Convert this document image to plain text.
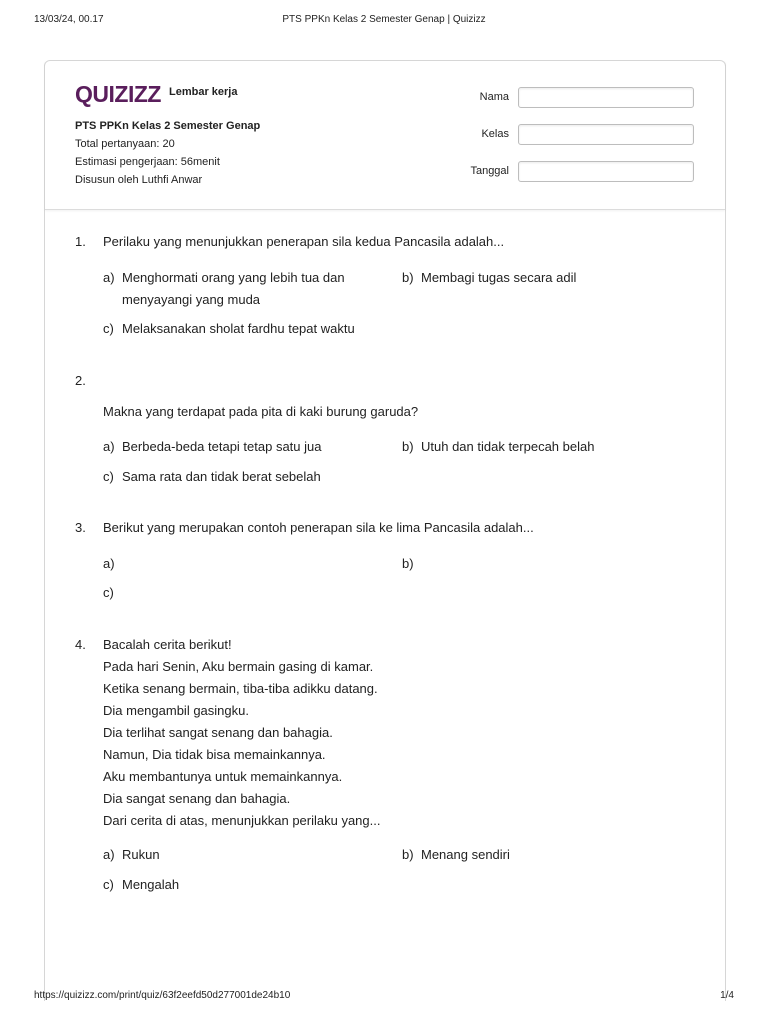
13/03/24, 00.17	PTS PPKn Kelas 2 Semester Genap | Quizizz
QUIZIZZ Lembar kerja
PTS PPKn Kelas 2 Semester Genap
Total pertanyaan: 20
Estimasi pengerjaan: 56menit
Disusun oleh Luthfi Anwar
Nama
Kelas
Tanggal
1. Perilaku yang menunjukkan penerapan sila kedua Pancasila adalah...
a) Menghormati orang yang lebih tua dan
menyayangi yang muda
b) Membagi tugas secara adil
c) Melaksanakan sholat fardhu tepat waktu
2.
Makna yang terdapat pada pita di kaki burung garuda?
a) Berbeda-beda tetapi tetap satu jua	b) Utuh dan tidak terpecah belah
c) Sama rata dan tidak berat sebelah
3. Berikut yang merupakan contoh penerapan sila ke lima Pancasila adalah...
a)	b)
c)
4. Bacalah cerita berikut!
Pada hari Senin, Aku bermain gasing di kamar.
Ketika senang bermain, tiba-tiba adikku datang.
Dia mengambil gasingku.
Dia terlihat sangat senang dan bahagia.
Namun, Dia tidak bisa memainkannya.
Aku membantunya untuk memainkannya.
Dia sangat senang dan bahagia.
Dari cerita di atas, menunjukkan perilaku yang...
a) Rukun	b) Menang sendiri
c) Mengalah
https://quizizz.com/print/quiz/63f2eefd50d277001de24b10	1/4
